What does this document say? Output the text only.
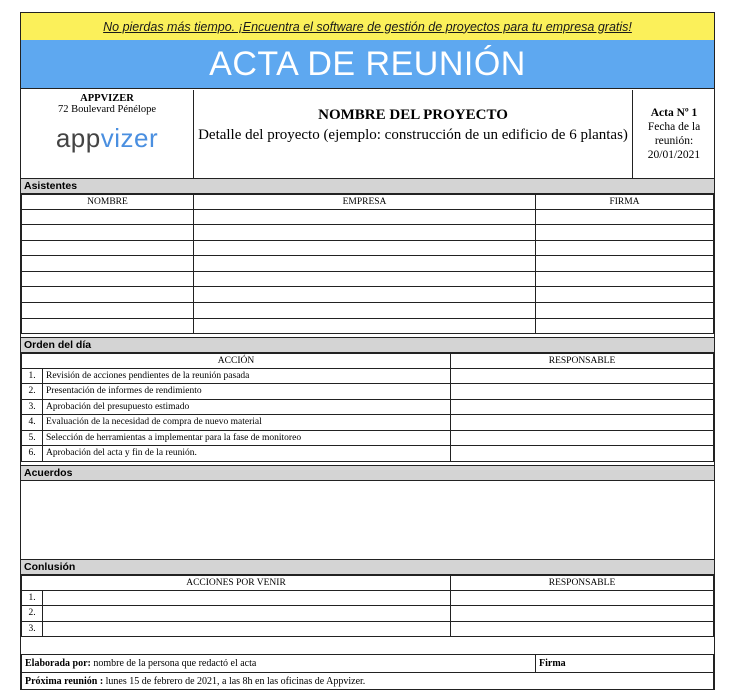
No pierdas más tiempo. ¡Encuentra el software de gestión de proyectos para tu empresa gratis!
ACTA DE REUNIÓN
APPVIZER
72 Boulevard Pénélope
appvizer
NOMBRE DEL PROYECTO
Detalle del proyecto (ejemplo: construcción de un edificio de 6 plantas)
Acta Nº 1
Fecha de la reunión:
20/01/2021
Asistentes
NOMBRE	EMPRESA	FIRMA

Orden del día
ACCIÓN		RESPONSABLE
1.	Revisión de acciones pendientes de la reunión pasada	
2.	Presentación de informes de rendimiento	
3.	Aprobación del presupuesto estimado	
4.	Evaluación de la necesidad de compra de nuevo material	
5.	Selección de herramientas a implementar para la fase de monitoreo	
6.	Aprobación del acta y fin de la reunión.	
Acuerdos
Conlusión
ACCIONES POR VENIR		RESPONSABLE
1.		
2.		
3.		
Elaborada por: nombre de la persona que redactó el acta	Firma
Próxima reunión : lunes 15 de febrero de 2021, a las 8h en las oficinas de Appvizer.
